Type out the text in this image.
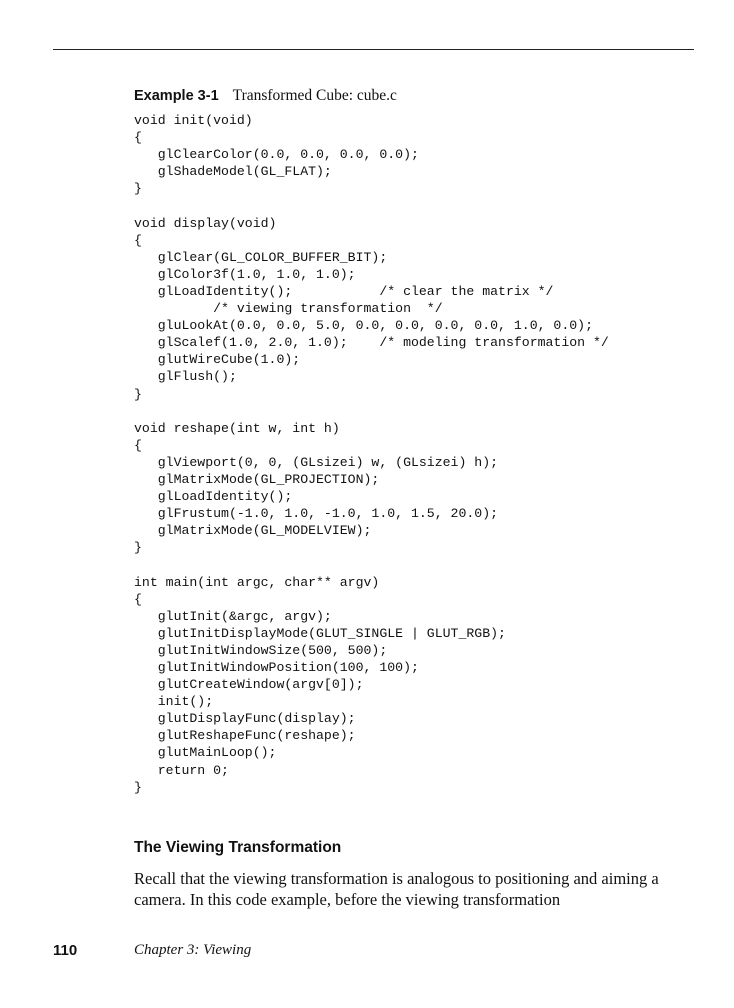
Example 3-1 Transformed Cube: cube.c
void init(void)
{
glClearColor(0.0, 0.0, 0.0, 0.0);
glShadeModel(GL_FLAT);
}

void display(void)
{
glClear(GL_COLOR_BUFFER_BIT);
glColor3f(1.0, 1.0, 1.0);
glLoadIdentity();           /* clear the matrix */
/* viewing transformation  */
gluLookAt(0.0, 0.0, 5.0, 0.0, 0.0, 0.0, 0.0, 1.0, 0.0);
glScalef(1.0, 2.0, 1.0);    /* modeling transformation */
glutWireCube(1.0);
glFlush();
}

void reshape(int w, int h)
{
glViewport(0, 0, (GLsizei) w, (GLsizei) h);
glMatrixMode(GL_PROJECTION);
glLoadIdentity();
glFrustum(-1.0, 1.0, -1.0, 1.0, 1.5, 20.0);
glMatrixMode(GL_MODELVIEW);
}

int main(int argc, char** argv)
{
glutInit(&argc, argv);
glutInitDisplayMode(GLUT_SINGLE | GLUT_RGB);
glutInitWindowSize(500, 500);
glutInitWindowPosition(100, 100);
glutCreateWindow(argv[0]);
init();
glutDisplayFunc(display);
glutReshapeFunc(reshape);
glutMainLoop();
return 0;
}
The Viewing Transformation

Recall that the viewing transformation is analogous to positioning and aiming a camera. In this code example, before the viewing transformation

110	Chapter 3: Viewing
